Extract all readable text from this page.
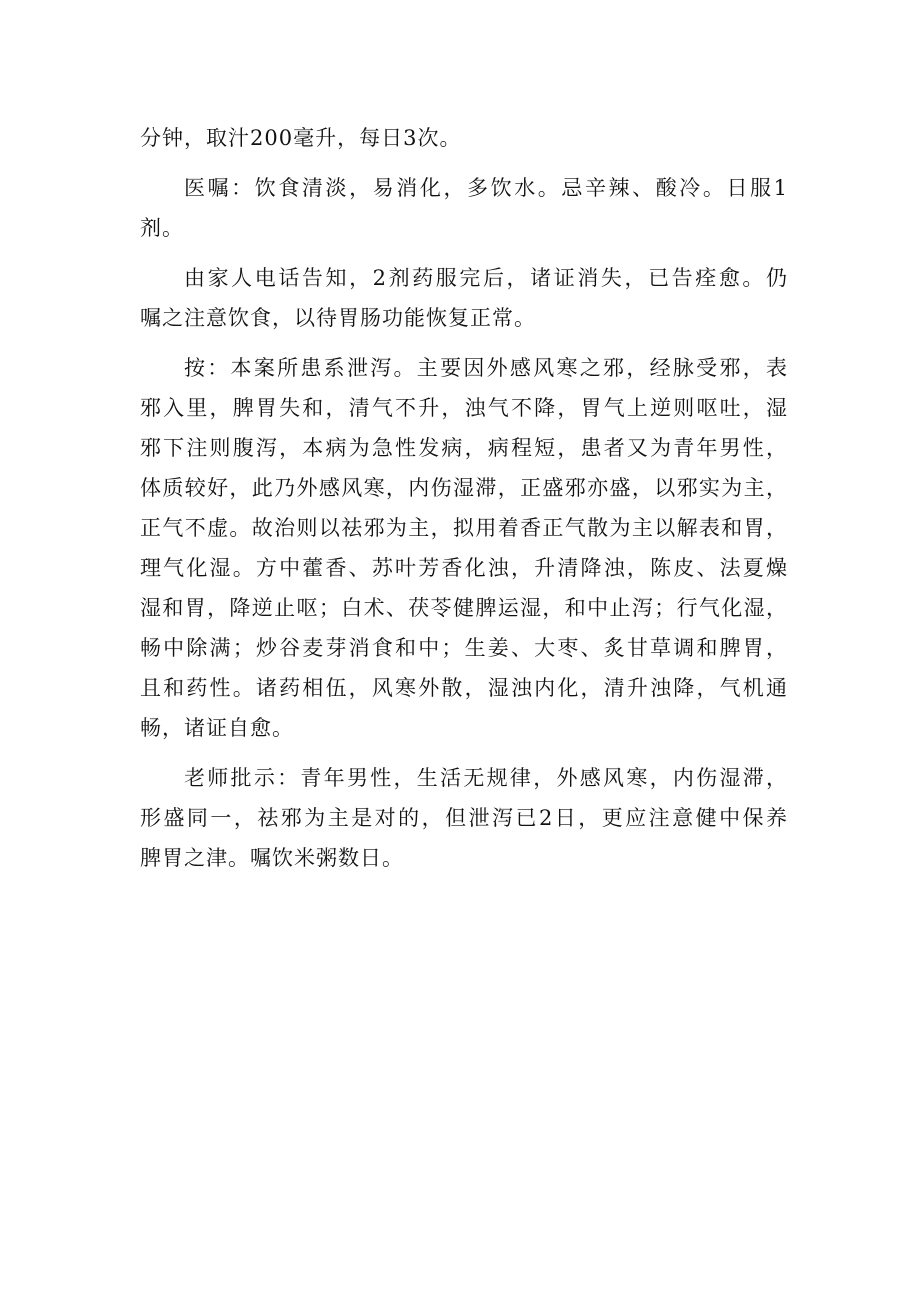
分钟，取汁200毫升，每日3次。
医嘱：饮食清淡，易消化，多饮水。忌辛辣、酸冷。日服1
剂。
由家人电话告知，2剂药服完后，诸证消失，已告痊愈。仍
嘱之注意饮食，以待胃肠功能恢复正常。
按：本案所患系泄泻。主要因外感风寒之邪，经脉受邪，表
邪入里，脾胃失和，清气不升，浊气不降，胃气上逆则呕吐，湿
邪下注则腹泻，本病为急性发病，病程短，患者又为青年男性，
体质较好，此乃外感风寒，内伤湿滞，正盛邪亦盛，以邪实为主，
正气不虚。故治则以祛邪为主，拟用着香正气散为主以解表和胃，
理气化湿。方中藿香、苏叶芳香化浊，升清降浊，陈皮、法夏燥
湿和胃，降逆止呕；白术、茯苓健脾运湿，和中止泻；行气化湿，
畅中除满；炒谷麦芽消食和中；生姜、大枣、炙甘草调和脾胃，
且和药性。诸药相伍，风寒外散，湿浊内化，清升浊降，气机通
畅，诸证自愈。
老师批示：青年男性，生活无规律，外感风寒，内伤湿滞，
形盛同一，祛邪为主是对的，但泄泻已2日，更应注意健中保养
脾胃之津。嘱饮米粥数日。
